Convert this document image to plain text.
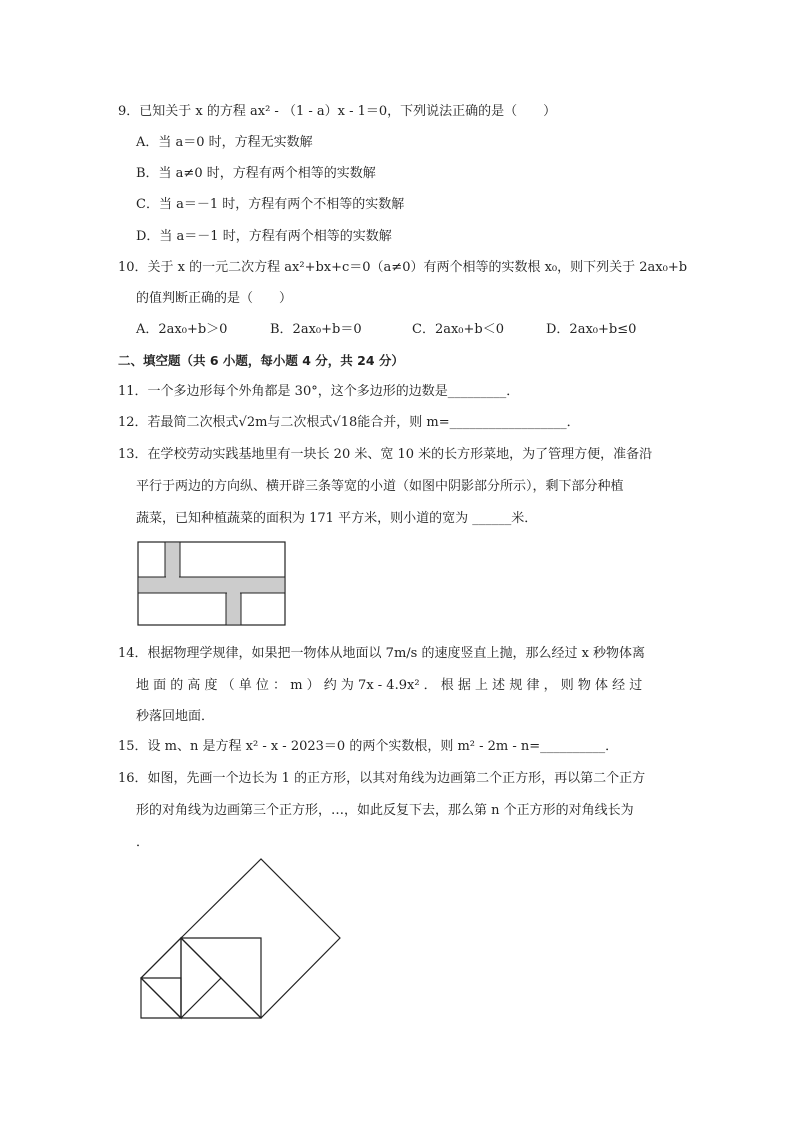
9．已知关于 x 的方程 ax² - （1 - a）x - 1＝0，下列说法正确的是（　　）
A．当 a＝0 时，方程无实数解
B．当 a≠0 时，方程有两个相等的实数解
C．当 a＝－1 时，方程有两个不相等的实数解
D．当 a＝－1 时，方程有两个相等的实数解
10．关于 x 的一元二次方程 ax²+bx+c＝0（a≠0）有两个相等的实数根 x₀，则下列关于 2ax₀+b
的值判断正确的是（　　）
A．2ax₀+b＞0	B．2ax₀+b＝0	C．2ax₀+b＜0	D．2ax₀+b≤0
二、填空题（共 6 小题，每小题 4 分，共 24 分）
11．一个多边形每个外角都是 30°，这个多边形的边数是_________．
12．若最简二次根式√2m与二次根式√18能合并，则 m=__________________．
13．在学校劳动实践基地里有一块长 20 米、宽 10 米的长方形菜地，为了管理方便，准备沿
平行于两边的方向纵、横开辟三条等宽的小道（如图中阴影部分所示），剩下部分种植
蔬菜，已知种植蔬菜的面积为 171 平方米，则小道的宽为 ______米．
14．根据物理学规律，如果把一物体从地面以 7m/s 的速度竖直上抛，那么经过 x 秒物体离
地 面 的 高 度 （ 单 位 ： m ） 约 为 7x - 4.9x² ． 根 据 上 述 规 律 ， 则 物 体 经 过
秒落回地面．
15．设 m、n 是方程 x² - x - 2023＝0 的两个实数根，则 m² - 2m - n=__________．
16．如图，先画一个边长为 1 的正方形，以其对角线为边画第二个正方形，再以第二个正方
形的对角线为边画第三个正方形，…，如此反复下去，那么第 n 个正方形的对角线长为
．
